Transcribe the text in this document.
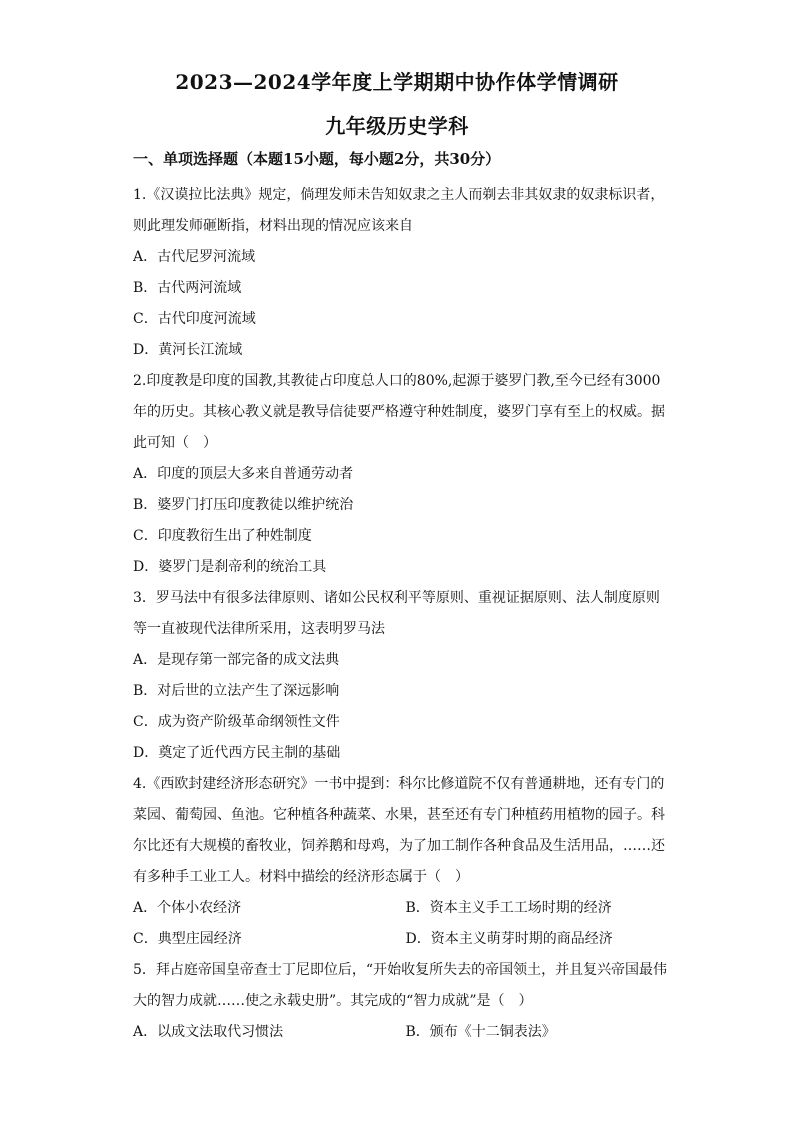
2023—2024学年度上学期期中协作体学情调研
九年级历史学科
一、单项选择题（本题15小题，每小题2分，共30分）
1.《汉谟拉比法典》规定，倘理发师未告知奴隶之主人而剃去非其奴隶的奴隶标识者，
则此理发师砸断指，材料出现的情况应该来自
A．古代尼罗河流域
B．古代两河流域
C．古代印度河流域
D．黄河长江流域
2.印度教是印度的国教,其教徒占印度总人口的80%,起源于婆罗门教,至今已经有3000
年的历史。其核心教义就是教导信徒要严格遵守种姓制度，婆罗门享有至上的权威。据
此可知（　）
A．印度的顶层大多来自普通劳动者
B．婆罗门打压印度教徒以维护统治
C．印度教衍生出了种姓制度
D．婆罗门是刹帝利的统治工具
3．罗马法中有很多法律原则、诸如公民权利平等原则、重视证据原则、法人制度原则
等一直被现代法律所采用，这表明罗马法
A．是现存第一部完备的成文法典
B．对后世的立法产生了深远影响
C．成为资产阶级革命纲领性文件
D．奠定了近代西方民主制的基础
4.《西欧封建经济形态研究》一书中提到：科尔比修道院不仅有普通耕地，还有专门的
菜园、葡萄园、鱼池。它种植各种蔬菜、水果，甚至还有专门种植药用植物的园子。科
尔比还有大规模的畜牧业，饲养鹅和母鸡，为了加工制作各种食品及生活用品，……还
有多种手工业工人。材料中描绘的经济形态属于（　）
A．个体小农经济	B．资本主义手工工场时期的经济
C．典型庄园经济	D．资本主义萌芽时期的商品经济
5．拜占庭帝国皇帝查士丁尼即位后，“开始收复所失去的帝国领土，并且复兴帝国最伟
大的智力成就……使之永载史册”。其完成的“智力成就”是（　）
A．以成文法取代习惯法	B．颁布《十二铜表法》
